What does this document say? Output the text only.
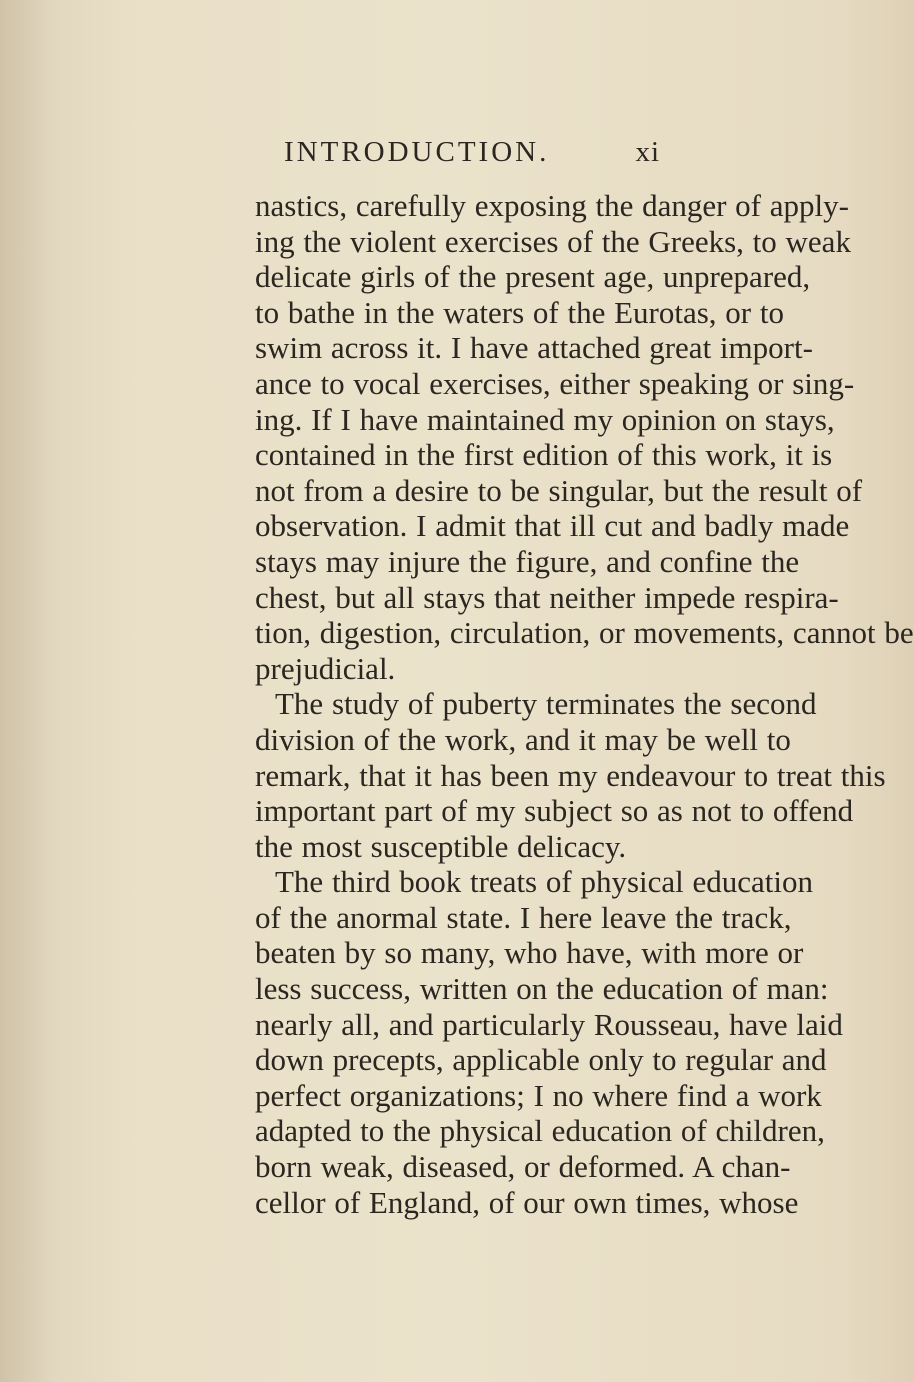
INTRODUCTION.	xi
nastics, carefully exposing the danger of apply-
ing the violent exercises of the Greeks, to weak
delicate girls of the present age, unprepared,
to bathe in the waters of the Eurotas, or to
swim across it. I have attached great import-
ance to vocal exercises, either speaking or sing-
ing. If I have maintained my opinion on stays,
contained in the first edition of this work, it is
not from a desire to be singular, but the result of
observation. I admit that ill cut and badly made
stays may injure the figure, and confine the
chest, but all stays that neither impede respira-
tion, digestion, circulation, or movements, cannot be
prejudicial.
The study of puberty terminates the second
division of the work, and it may be well to
remark, that it has been my endeavour to treat this
important part of my subject so as not to offend
the most susceptible delicacy.
The third book treats of physical education
of the anormal state. I here leave the track,
beaten by so many, who have, with more or
less success, written on the education of man:
nearly all, and particularly Rousseau, have laid
down precepts, applicable only to regular and
perfect organizations; I no where find a work
adapted to the physical education of children,
born weak, diseased, or deformed. A chan-
cellor of England, of our own times, whose
